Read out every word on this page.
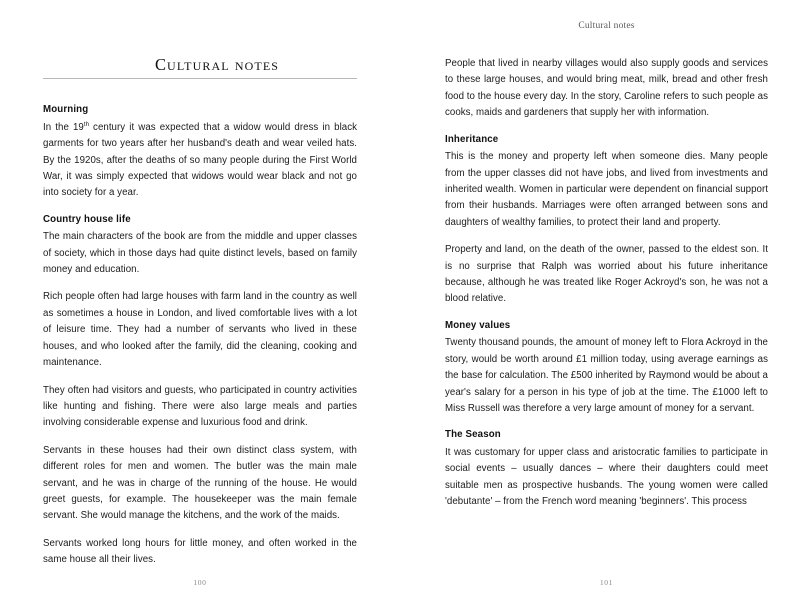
Cultural notes
Cultural notes
Mourning

In the 19th century it was expected that a widow would dress in black garments for two years after her husband's death and wear veiled hats. By the 1920s, after the deaths of so many people during the First World War, it was simply expected that widows would wear black and not go into society for a year.

Country house life

The main characters of the book are from the middle and upper classes of society, which in those days had quite distinct levels, based on family money and education.

Rich people often had large houses with farm land in the country as well as sometimes a house in London, and lived comfortable lives with a lot of leisure time. They had a number of servants who lived in these houses, and who looked after the family, did the cleaning, cooking and maintenance.

They often had visitors and guests, who participated in country activities like hunting and fishing. There were also large meals and parties involving considerable expense and luxurious food and drink.

Servants in these houses had their own distinct class system, with different roles for men and women. The butler was the main male servant, and he was in charge of the running of the house. He would greet guests, for example. The housekeeper was the main female servant. She would manage the kitchens, and the work of the maids.

Servants worked long hours for little money, and often worked in the same house all their lives.

People that lived in nearby villages would also supply goods and services to these large houses, and would bring meat, milk, bread and other fresh food to the house every day. In the story, Caroline refers to such people as cooks, maids and gardeners that supply her with information.

Inheritance

This is the money and property left when someone dies. Many people from the upper classes did not have jobs, and lived from investments and inherited wealth. Women in particular were dependent on financial support from their husbands. Marriages were often arranged between sons and daughters of wealthy families, to protect their land and property.

Property and land, on the death of the owner, passed to the eldest son. It is no surprise that Ralph was worried about his future inheritance because, although he was treated like Roger Ackroyd's son, he was not a blood relative.

Money values

Twenty thousand pounds, the amount of money left to Flora Ackroyd in the story, would be worth around £1 million today, using average earnings as the base for calculation. The £500 inherited by Raymond would be about a year's salary for a person in his type of job at the time. The £1000 left to Miss Russell was therefore a very large amount of money for a servant.

The Season

It was customary for upper class and aristocratic families to participate in social events – usually dances – where their daughters could meet suitable men as prospective husbands. The young women were called 'debutante' – from the French word meaning 'beginners'. This process

100	101
